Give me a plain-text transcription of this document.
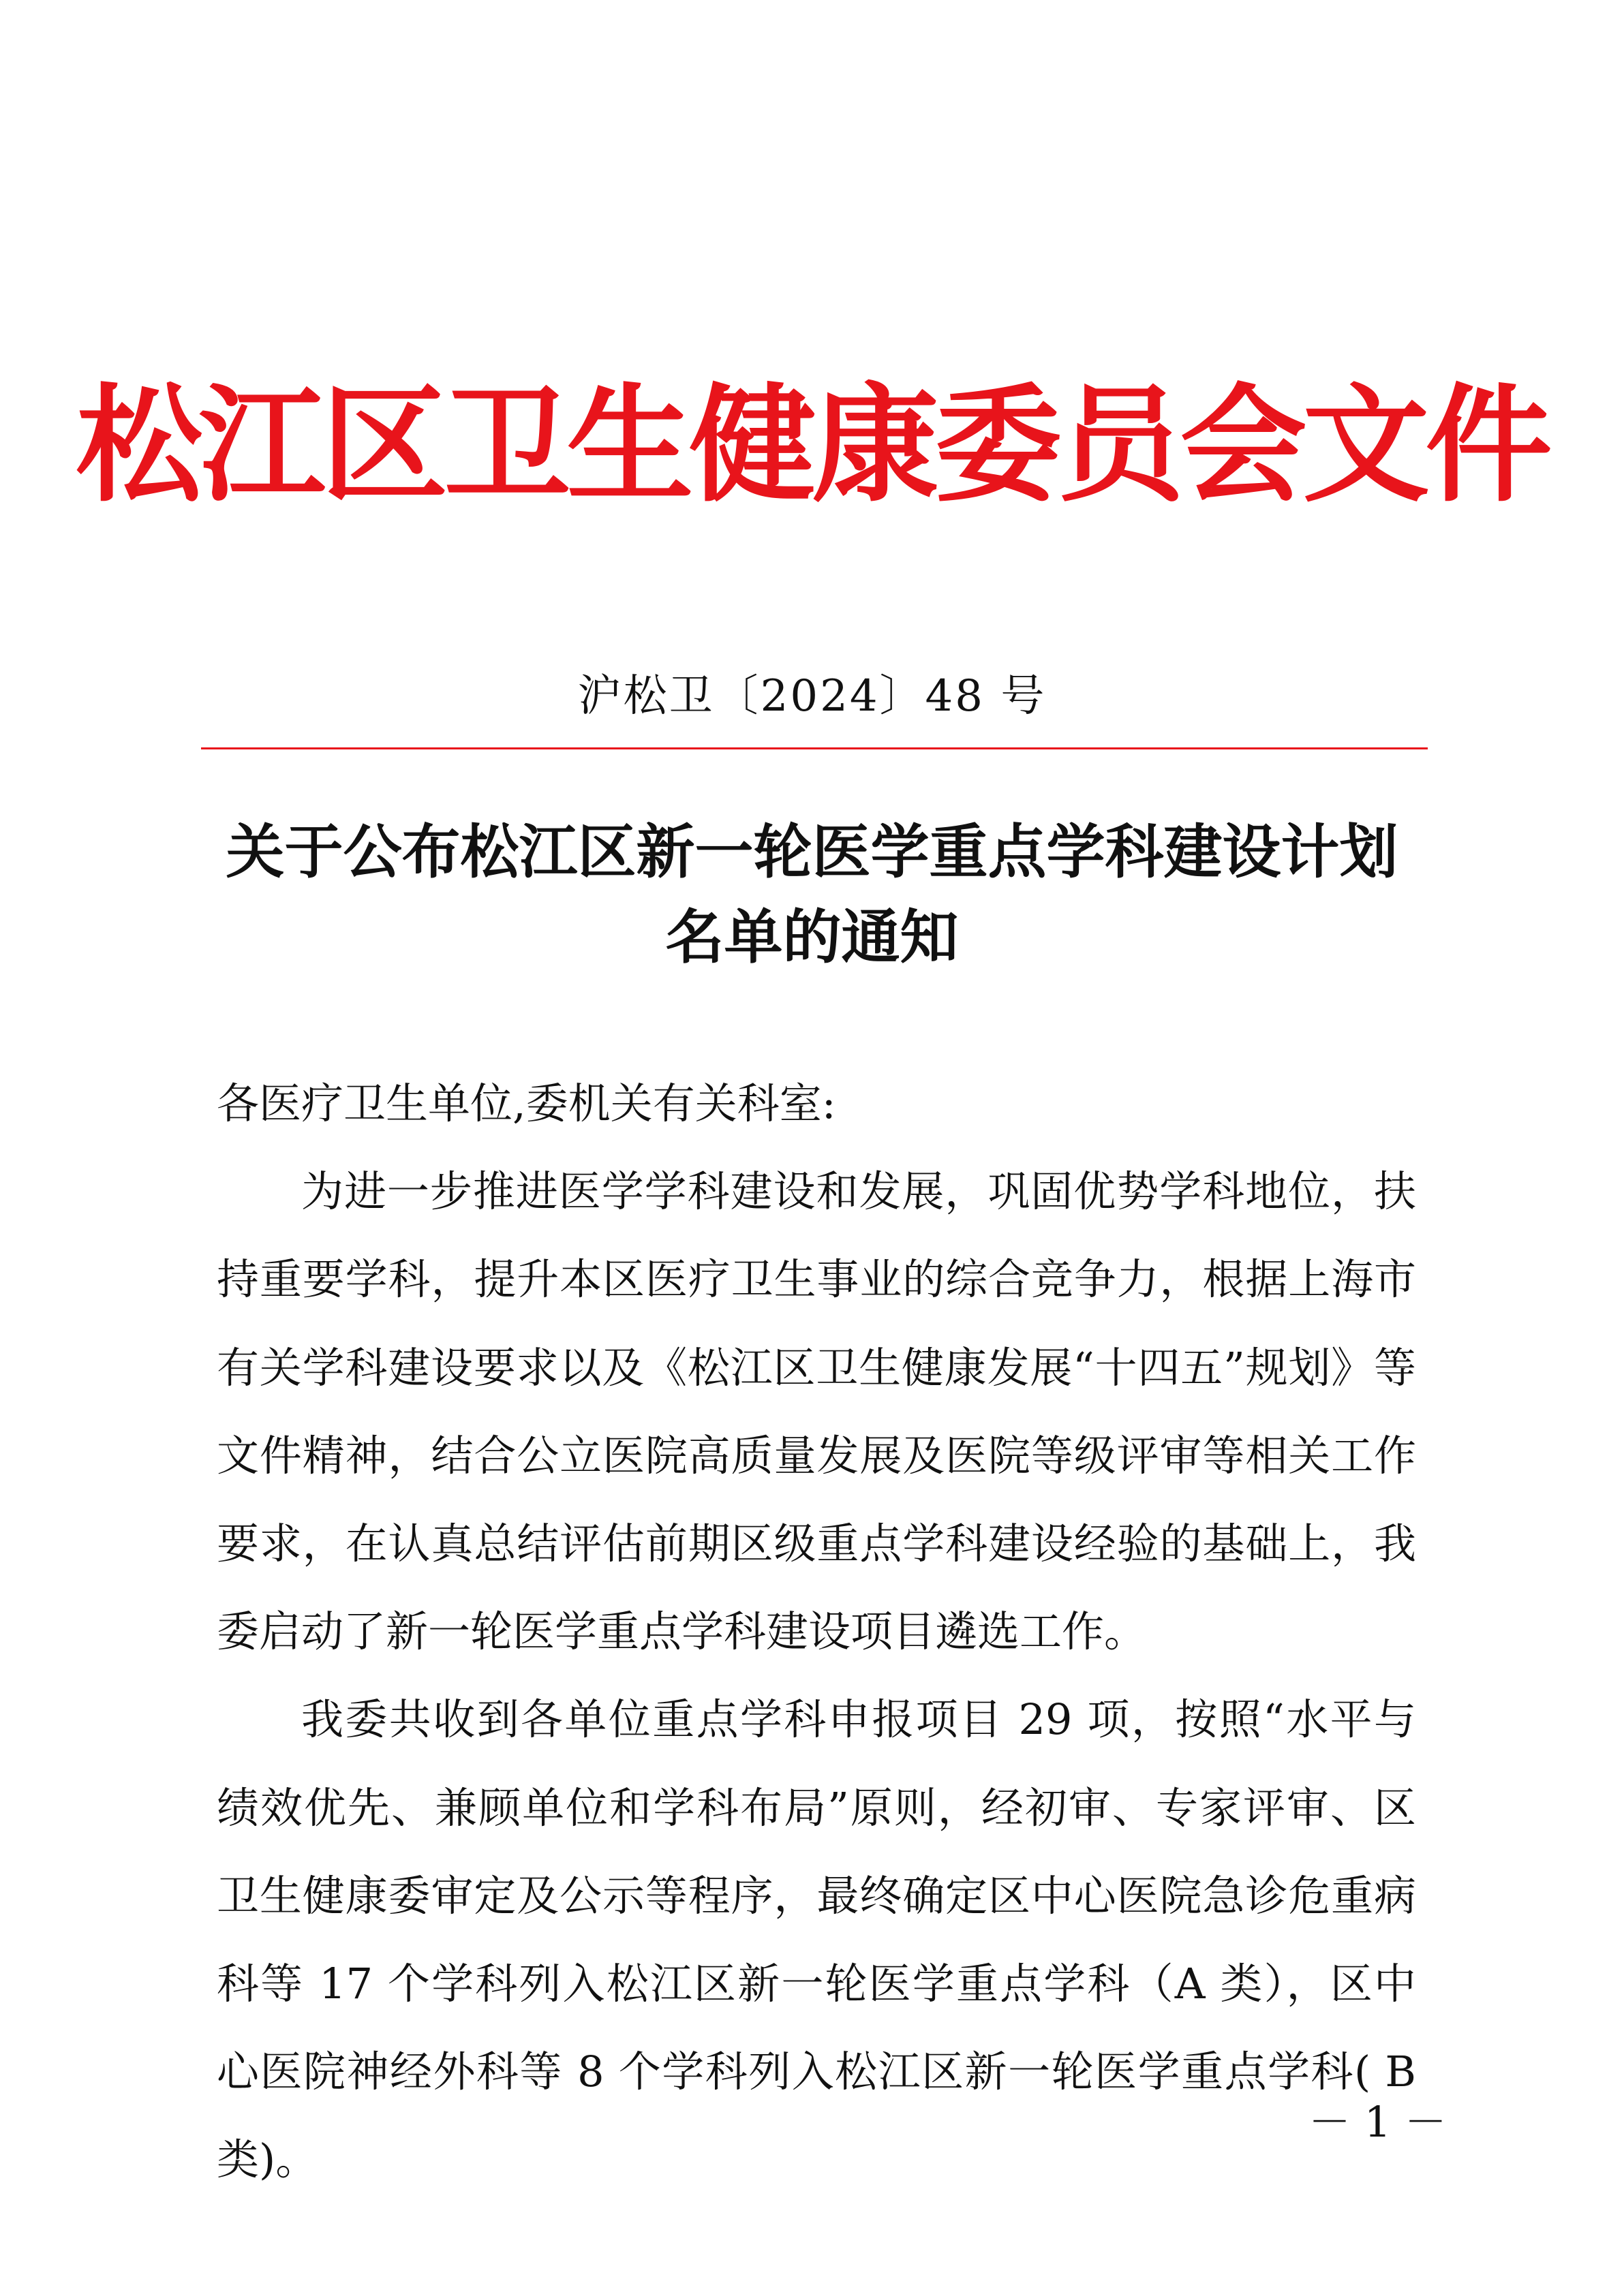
松江区卫生健康委员会文件
沪松卫〔2024〕48 号
关于公布松江区新一轮医学重点学科建设计划
名单的通知

各医疗卫生单位,委机关有关科室:

为进一步推进医学学科建设和发展，巩固优势学科地位，扶持重要学科，提升本区医疗卫生事业的综合竞争力，根据上海市有关学科建设要求以及《松江区卫生健康发展“十四五”规划》等文件精神，结合公立医院高质量发展及医院等级评审等相关工作要求，在认真总结评估前期区级重点学科建设经验的基础上，我委启动了新一轮医学重点学科建设项目遴选工作。

我委共收到各单位重点学科申报项目 29 项，按照“水平与绩效优先、兼顾单位和学科布局”原则，经初审、专家评审、区卫生健康委审定及公示等程序，最终确定区中心医院急诊危重病科等 17 个学科列入松江区新一轮医学重点学科（A 类），区中心医院神经外科等 8 个学科列入松江区新一轮医学重点学科( B 类)。

－ 1 －
